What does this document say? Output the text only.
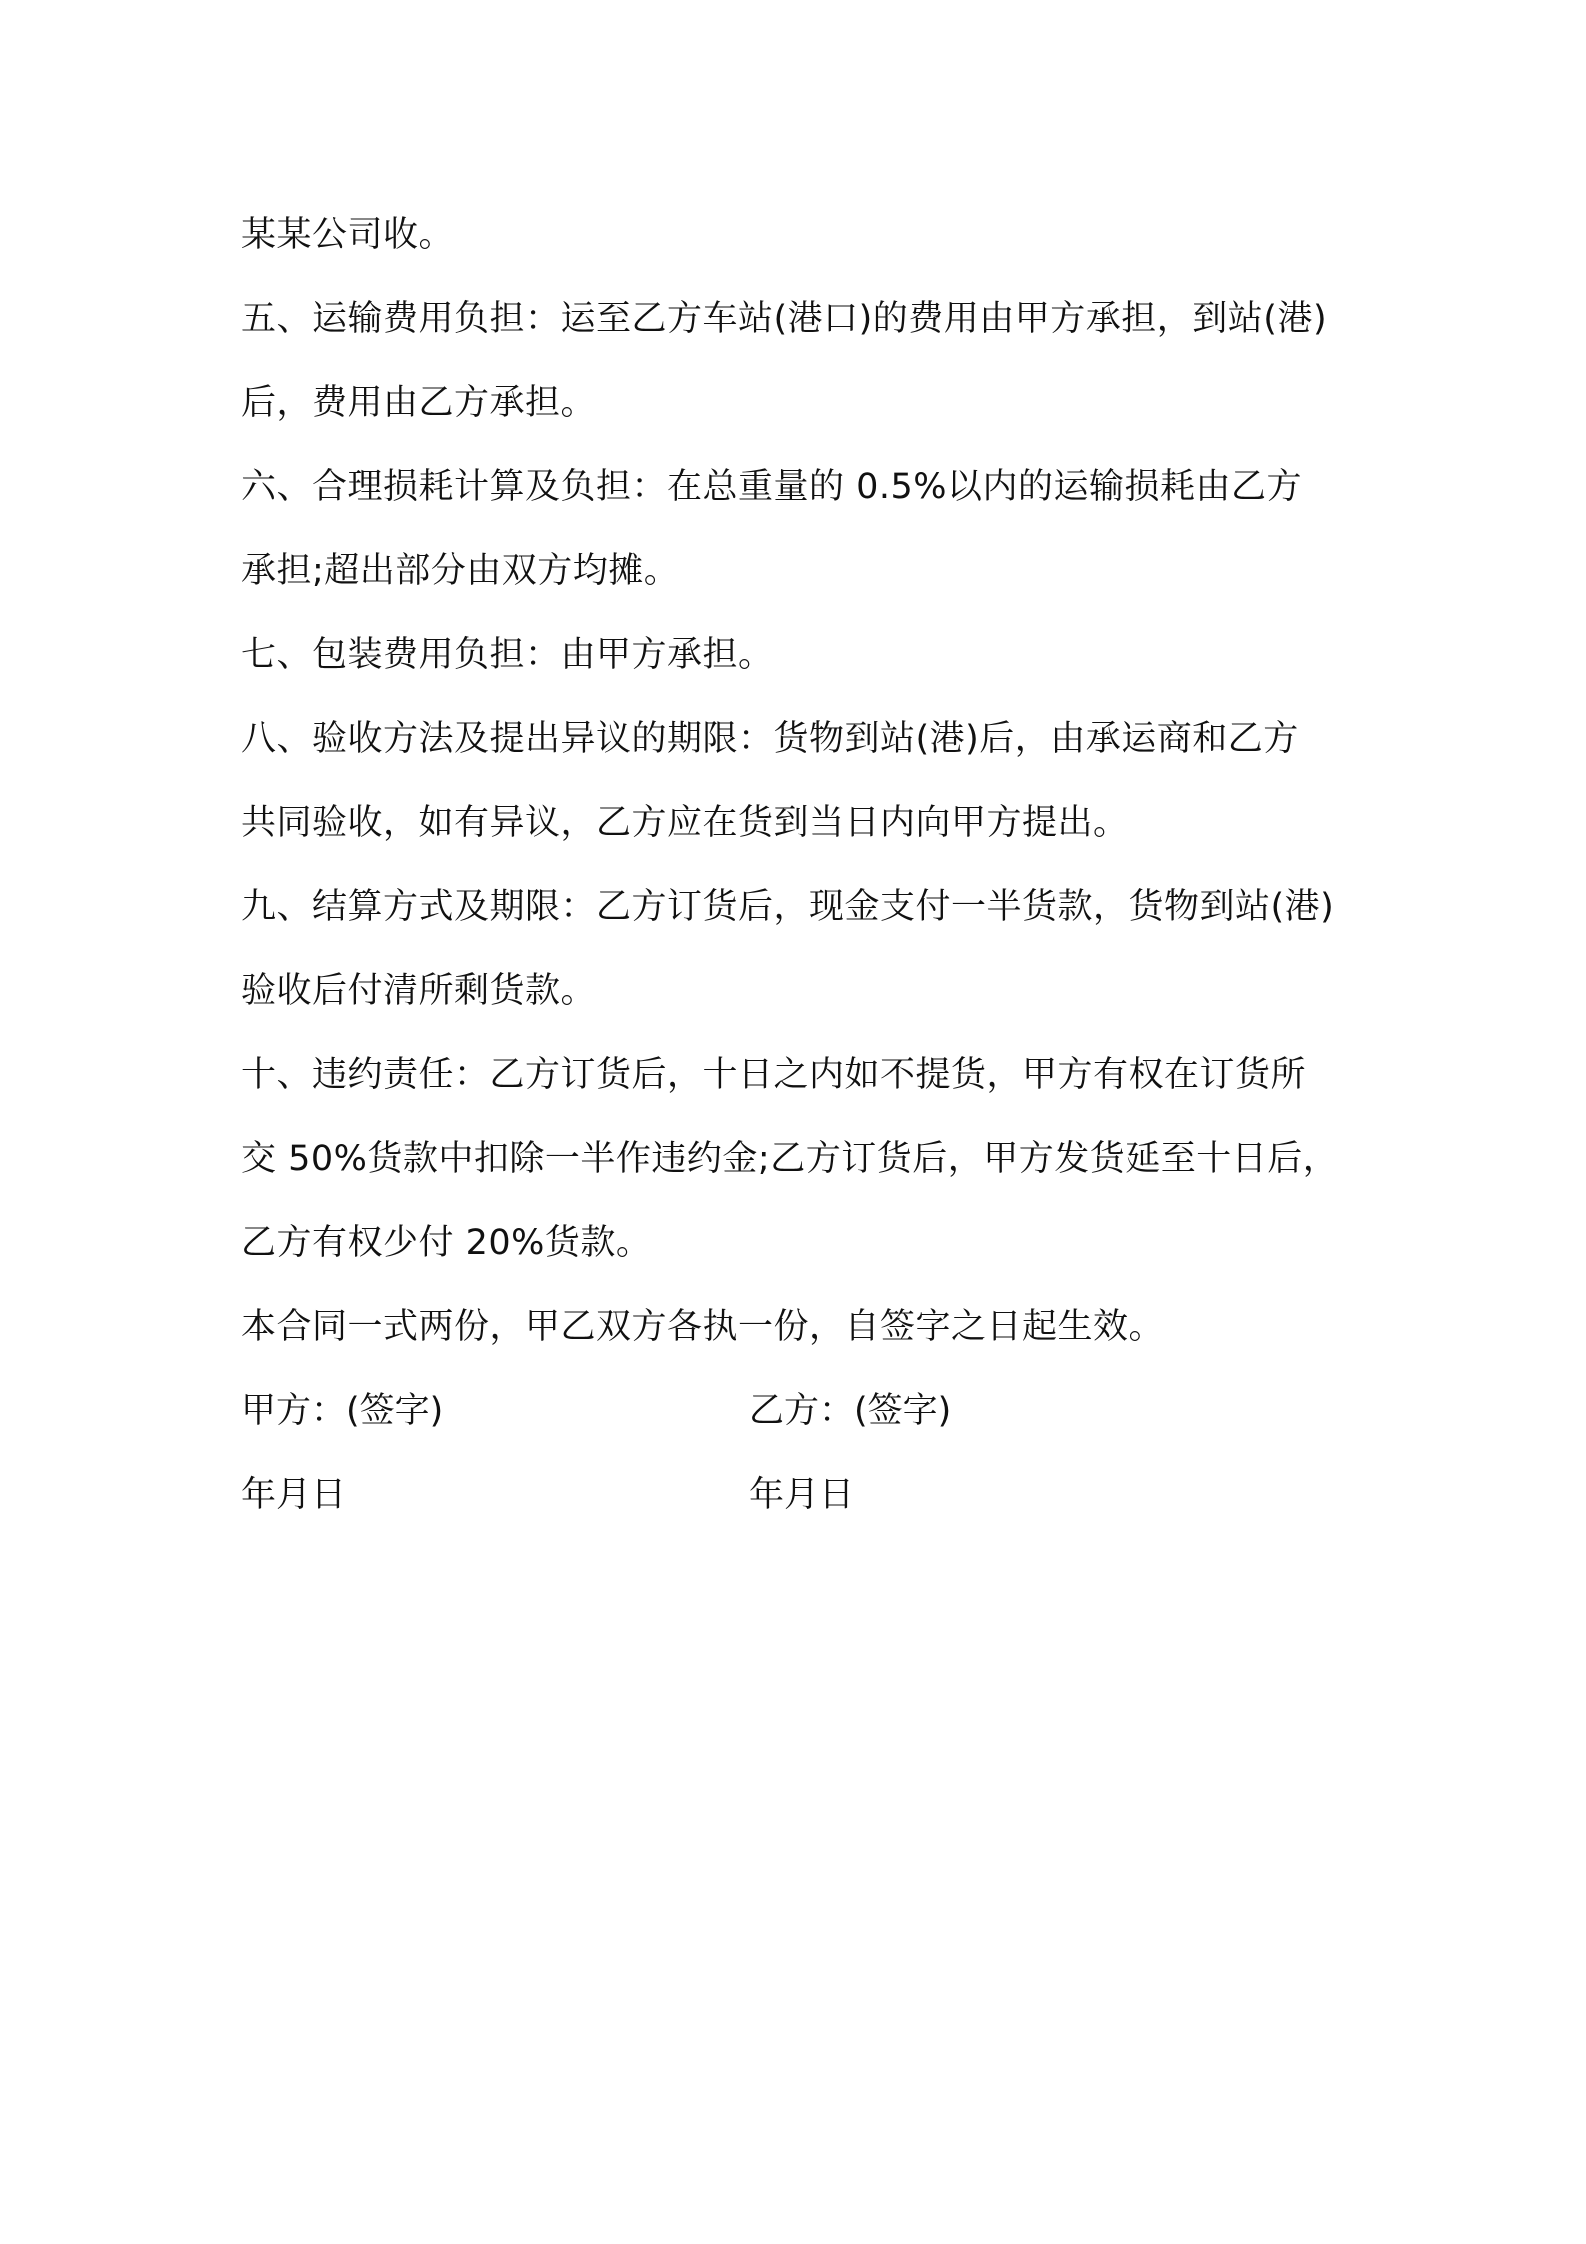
某某公司收。
五、运输费用负担：运至乙方车站(港口)的费用由甲方承担，到站(港)
后，费用由乙方承担。
六、合理损耗计算及负担：在总重量的 0.5%以内的运输损耗由乙方
承担;超出部分由双方均摊。
七、包装费用负担：由甲方承担。
八、验收方法及提出异议的期限：货物到站(港)后，由承运商和乙方
共同验收，如有异议，乙方应在货到当日内向甲方提出。
九、结算方式及期限：乙方订货后，现金支付一半货款，货物到站(港)
验收后付清所剩货款。
十、违约责任：乙方订货后，十日之内如不提货，甲方有权在订货所
交 50%货款中扣除一半作违约金;乙方订货后，甲方发货延至十日后，
乙方有权少付 20%货款。
本合同一式两份，甲乙双方各执一份，自签字之日起生效。
甲方：(签字)	乙方：(签字)
年月日	年月日
